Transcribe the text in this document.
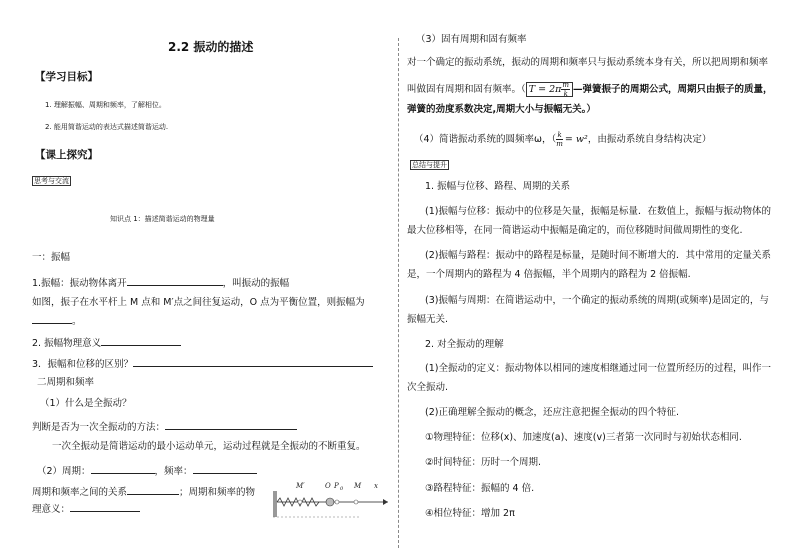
2.2 振动的描述
【学习目标】
1. 理解振幅、周期和频率，了解相位。
2. 能用简谐运动的表达式描述简谐运动.
【课上探究】
思考与交流
知识点 1：描述简谐运动的物理量
一：振幅
1.振幅：振动物体离开	，叫振动的振幅
如图，振子在水平杆上 M 点和 M′点之间往复运动，O 点为平衡位置，则振幅为
。
2. 振幅物理意义
3．振幅和位移的区别？
二周期和频率
（1）什么是全振动？
判断是否为一次全振动的方法：
一次全振动是简谐运动的最小运动单元，运动过程就是全振动的不断重复。
（2）周期：	，频率：
周期和频率之间的关系	；周期和频率的物
理意义：
M′	O P 0 M x
（3）固有周期和固有频率
对一个确定的振动系统，振动的周期和频率只与振动系统本身有关，所以把周期和频率
叫做固有周期和固有频率。（ $T = 2\pi \frac{m}{k}$ —弹簧振子的周期公式，周期只由振子的质量，
弹簧的劲度系数决定,周期大小与振幅无关。）
（4）简谐振动系统的圆频率ω，（ $\frac{k}{m} = w^2$，由振动系统自身结构决定）
总结与提升
1. 振幅与位移、路程、周期的关系
(1)振幅与位移：振动中的位移是矢量，振幅是标量．在数值上，振幅与振动物体的
最大位移相等，在同一简谐运动中振幅是确定的，而位移随时间做周期性的变化.
(2)振幅与路程：振动中的路程是标量，是随时间不断增大的．其中常用的定量关系
是，一个周期内的路程为 4 倍振幅，半个周期内的路程为 2 倍振幅.
(3)振幅与周期：在简谐运动中，一个确定的振动系统的周期(或频率)是固定的，与
振幅无关.
2. 对全振动的理解
(1)全振动的定义：振动物体以相同的速度相继通过同一位置所经历的过程，叫作一
次全振动.
(2)正确理解全振动的概念，还应注意把握全振动的四个特征.
①物理特征：位移(x)、加速度(a)、速度(v)三者第一次同时与初始状态相同.
②时间特征：历时一个周期.
③路程特征：振幅的 4 倍.
④相位特征：增加 2π
